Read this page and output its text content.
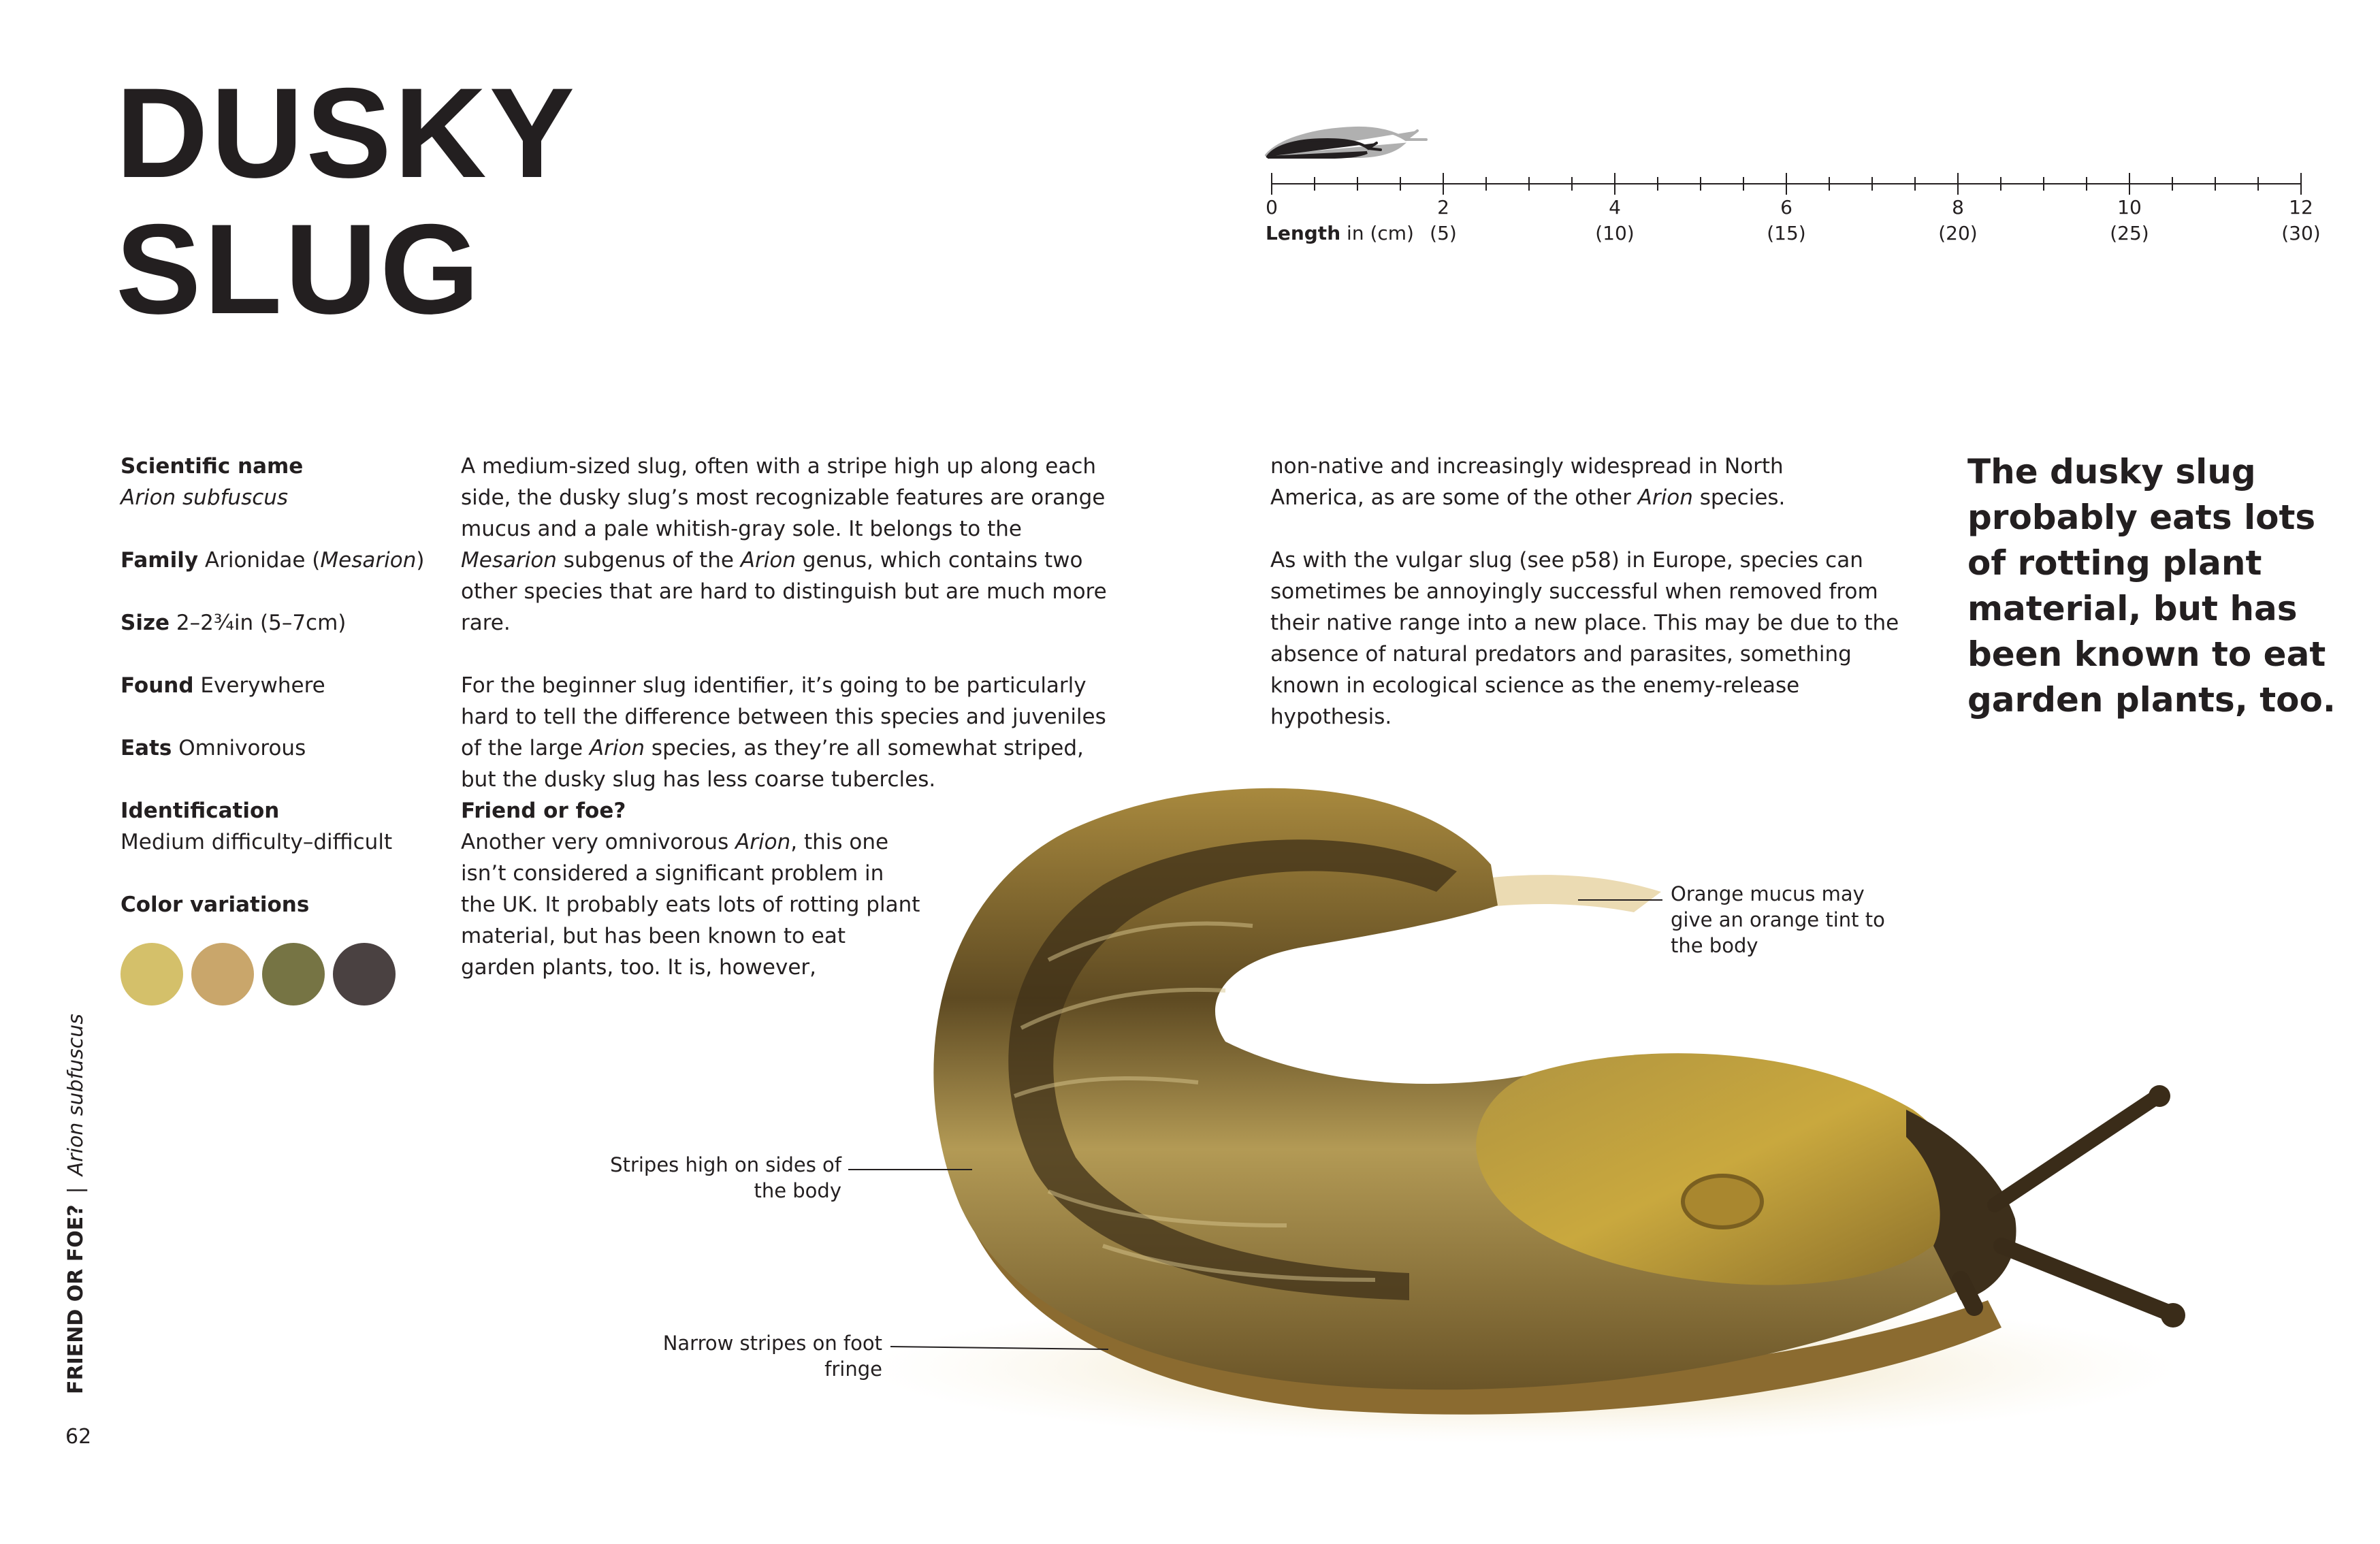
DUSKY
SLUG	0	2
(5)
4
(10)
6
(15)
8
(20)
10
(25)
12
(30)
Length in (cm)
Scientific name
Arion subfuscus
Family Arionidae (Mesarion)
Size 2–2¾in (5–7cm)
Found Everywhere
Eats Omnivorous
Identification
Medium difficulty–difficult
Color variations

A medium-sized slug, often with a stripe high up along each side, the dusky slug’s most recognizable features are orange mucus and a pale whitish-gray sole. It belongs to the Mesarion subgenus of the Arion genus, which contains two other species that are hard to distinguish but are much more rare.

For the beginner slug identifier, it’s going to be particularly hard to tell the difference between this species and juveniles of the large Arion species, as they’re all somewhat striped, but the dusky slug has less coarse tubercles.

Friend or foe?

Another very omnivorous Arion, this one isn’t considered a significant problem in the UK. It probably eats lots of rotting plant material, but has been known to eat garden plants, too. It is, however,

non-native and increasingly widespread in North America, as are some of the other Arion species.

As with the vulgar slug (see p58) in Europe, species can sometimes be annoyingly successful when removed from their native range into a new place. This may be due to the absence of natural predators and parasites, something known in ecological science as the enemy-release hypothesis.

The dusky slug probably eats lots of rotting plant material, but has been known to eat garden plants, too.
Orange mucus may give an orange tint to the body
Stripes high on sides of the body
Narrow stripes on foot fringe
FRIEND OR FOE?|Arion subfuscus
62
